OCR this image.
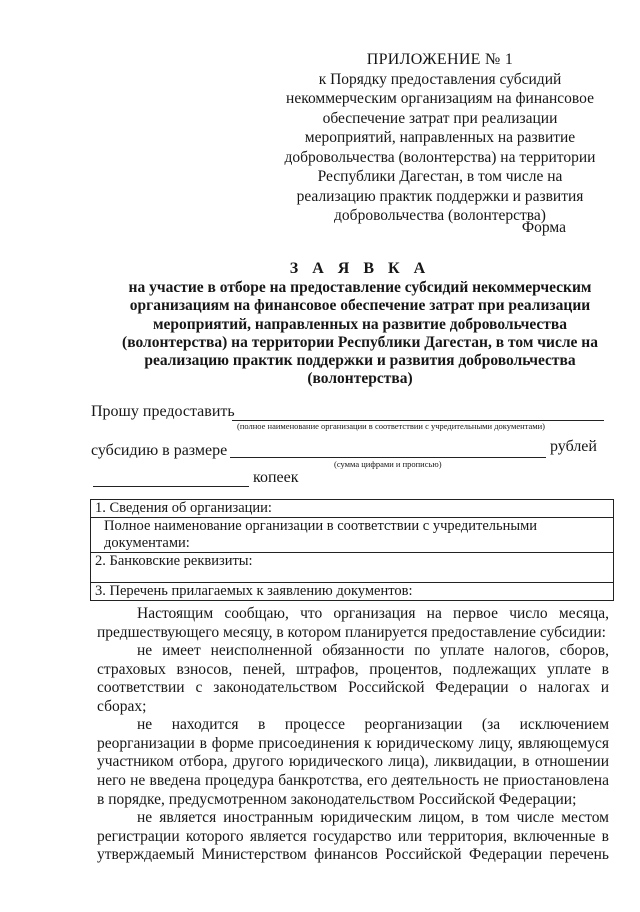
ПРИЛОЖЕНИЕ № 1
к Порядку предоставления субсидий
некоммерческим организациям на финансовое
обеспечение затрат при реализации
мероприятий, направленных на развитие
добровольчества (волонтерства) на территории
Республики Дагестан, в том числе на
реализацию практик поддержки и развития
добровольчества (волонтерства)
Форма
З А Я В К А
на участие в отборе на предоставление субсидий некоммерческим
организациям на финансовое обеспечение затрат при реализации
мероприятий, направленных на развитие добровольчества
(волонтерства) на территории Республики Дагестан, в том числе на
реализацию практик поддержки и развития добровольчества
(волонтерства)
Прошу предоставить
(полное наименование организации в соответствии с учредительными документами)
субсидию в размере	рублей
(сумма цифрами и прописью)
копеек
1. Сведения об организации:
Полное наименование организации в соответствии с учредительными документами:
2. Банковские реквизиты:
3. Перечень прилагаемых к заявлению документов:
Настоящим сообщаю, что организация на первое число месяца, предшествующего месяцу, в котором планируется предоставление субсидии:
не имеет неисполненной обязанности по уплате налогов, сборов, страховых взносов, пеней, штрафов, процентов, подлежащих уплате в соответствии с законодательством Российской Федерации о налогах и сборах;
не находится в процессе реорганизации (за исключением реорганизации в форме присоединения к юридическому лицу, являющемуся участником отбора, другого юридического лица), ликвидации, в отношении него не введена процедура банкротства, его деятельность не приостановлена в порядке, предусмотренном законодательством Российской Федерации;
не является иностранным юридическим лицом, в том числе местом регистрации которого является государство или территория, включенные в утверждаемый Министерством финансов Российской Федерации перечень
